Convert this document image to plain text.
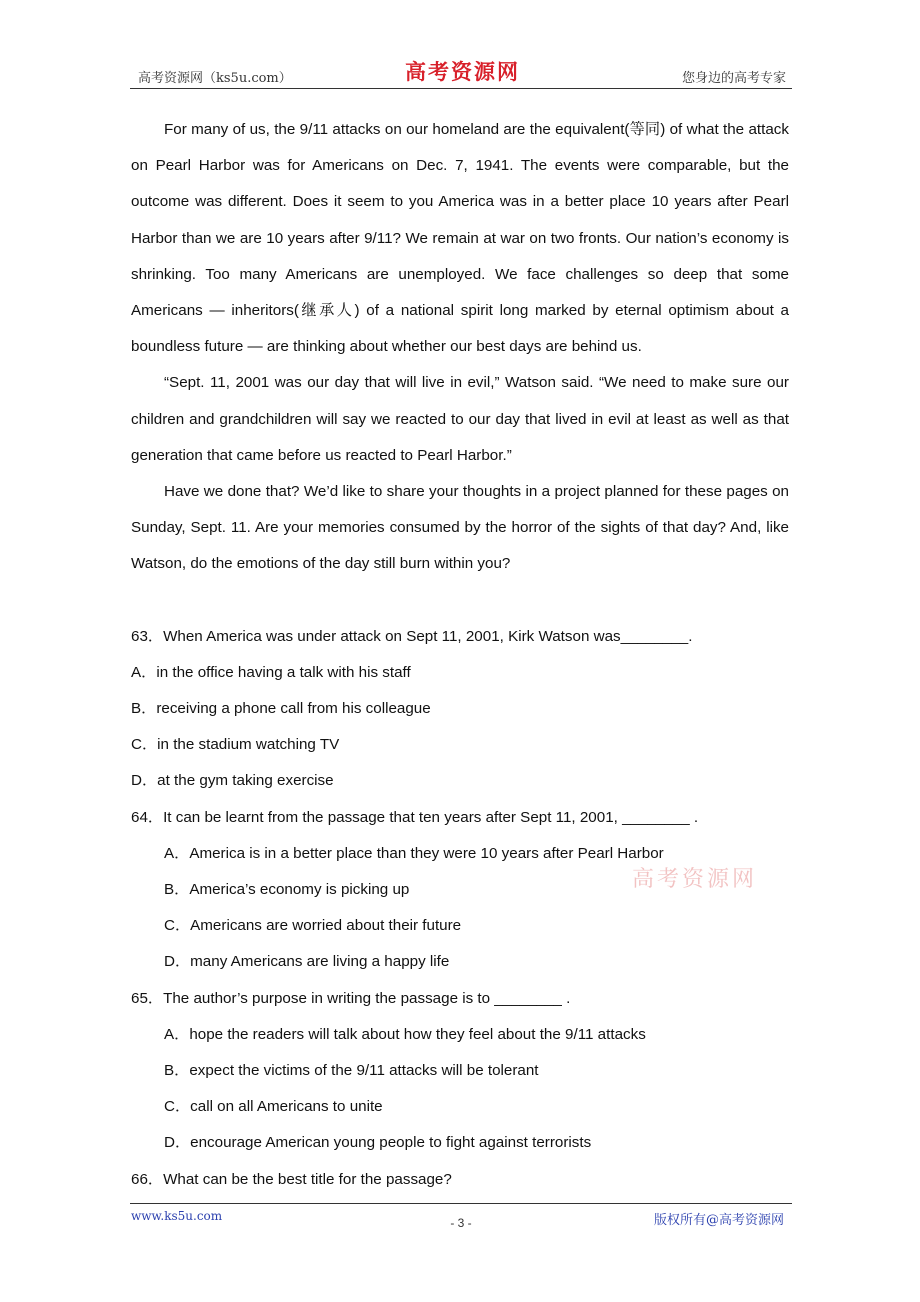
高考资源网（ks5u.com）	高考资源网	您身边的高考专家

For many of us, the 9/11 attacks on our homeland are the equivalent(等同) of what the attack on Pearl Harbor was for Americans on Dec. 7, 1941. The events were comparable, but the outcome was different. Does it seem to you America was in a better place 10 years after Pearl Harbor than we are 10 years after 9/11? We remain at war on two fronts. Our nation’s economy is shrinking. Too many Americans are unemployed. We face challenges so deep that some Americans — inheritors(继承人) of a national spirit long marked by eternal optimism about a boundless future — are thinking about whether our best days are behind us.

“Sept. 11, 2001 was our day that will live in evil,” Watson said. “We need to make sure our children and grandchildren will say we reacted to our day that lived in evil at least as well as that generation that came before us reacted to Pearl Harbor.”

Have we done that? We’d like to share your thoughts in a project planned for these pages on Sunday, Sept. 11. Are your memories consumed by the horror of the sights of that day? And, like Watson, do the emotions of the day still burn within you?

63．When America was under attack on Sept 11, 2001, Kirk Watson was________.

A．in the office having a talk with his staff

B．receiving a phone call from his colleague

C．in the stadium watching TV

D．at the gym taking exercise

64．It can be learnt from the passage that ten years after Sept 11, 2001, ________ .

A．America is in a better place than they were 10 years after Pearl Harbor

B．America’s economy is picking up

C．Americans are worried about their future

D．many Americans are living a happy life

65．The author’s purpose in writing the passage is to ________ .

A．hope the readers will talk about how they feel about the 9/11 attacks

B．expect the victims of the 9/11 attacks will be tolerant

C．call on all Americans to unite

D．encourage American young people to fight against terrorists

66．What can be the best title for the passage?

高考资源网
www.ks5u.com	- 3 -	版权所有@高考资源网
